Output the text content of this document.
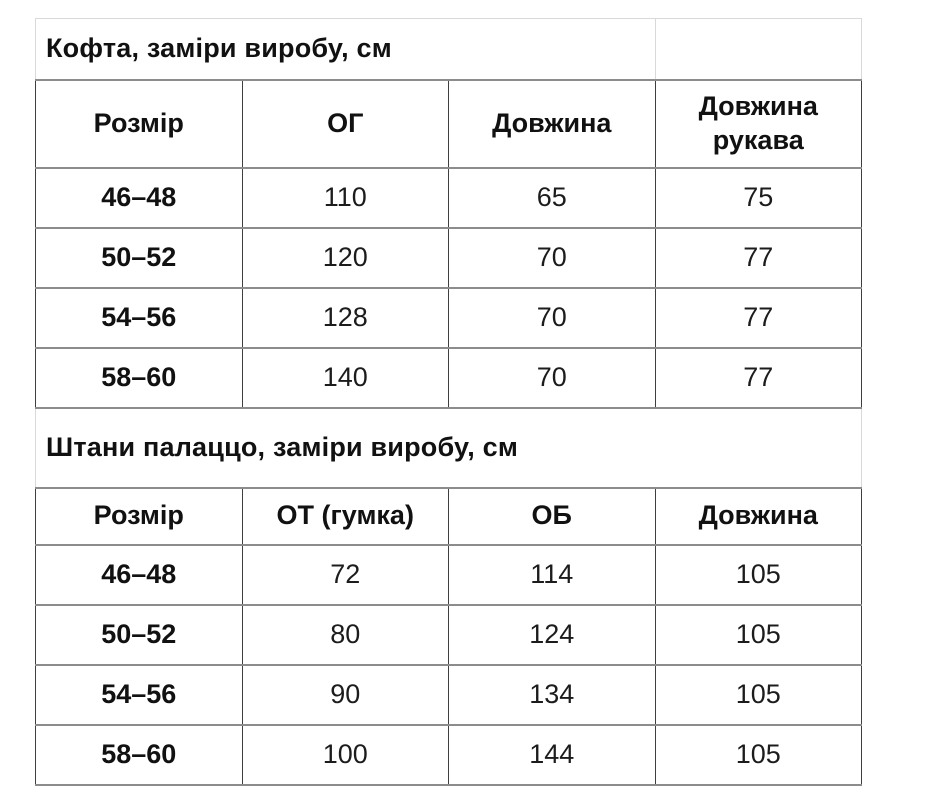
Кофта, заміри виробу, см			
Розмір	ОГ	Довжина	Довжина рукава
46–48	110	65	75
50–52	120	70	77
54–56	128	70	77
58–60	140	70	77
Штани палаццо, заміри виробу, см			
Розмір	ОТ (гумка)	ОБ	Довжина
46–48	72	114	105
50–52	80	124	105
54–56	90	134	105
58–60	100	144	105
